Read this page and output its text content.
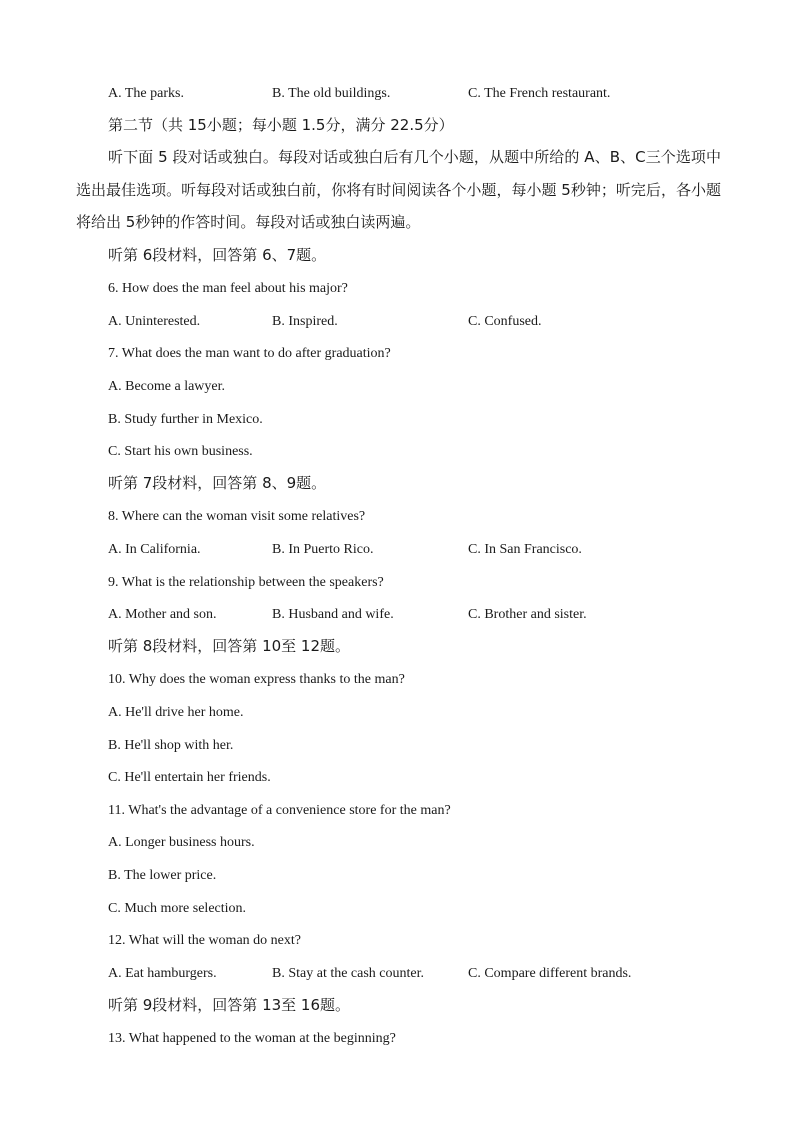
A. The parks.	B. The old buildings.	C. The French restaurant.
第二节（共 15小题；每小题 1.5分，满分 22.5分）
听下面 5 段对话或独白。每段对话或独白后有几个小题，从题中所给的 A、B、C三个选项中选出最佳选项。听每段对话或独白前，你将有时间阅读各个小题，每小题 5秒钟；听完后，各小题将给出 5秒钟的作答时间。每段对话或独白读两遍。
听第 6段材料，回答第 6、7题。
6. How does the man feel about his major?
A. Uninterested.	B. Inspired.	C. Confused.
7. What does the man want to do after graduation?
A. Become a lawyer.
B. Study further in Mexico.
C. Start his own business.
听第 7段材料，回答第 8、9题。
8. Where can the woman visit some relatives?
A. In California.	B. In Puerto Rico.	C. In San Francisco.
9. What is the relationship between the speakers?
A. Mother and son.	B. Husband and wife.	C. Brother and sister.
听第 8段材料，回答第 10至 12题。
10. Why does the woman express thanks to the man?
A. He'll drive her home.
B. He'll shop with her.
C. He'll entertain her friends.
11. What's the advantage of a convenience store for the man?
A. Longer business hours.
B. The lower price.
C. Much more selection.
12. What will the woman do next?
A. Eat hamburgers.	B. Stay at the cash counter.	C. Compare different brands.
听第 9段材料，回答第 13至 16题。
13. What happened to the woman at the beginning?
